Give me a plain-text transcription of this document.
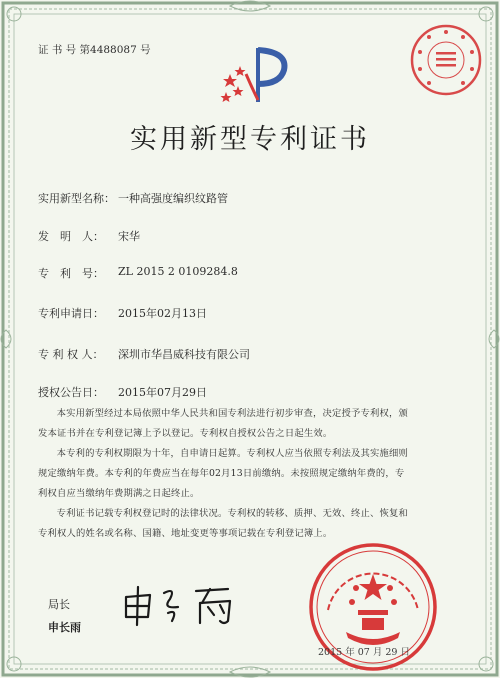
证 书 号 第4488087 号
实用新型专利证书
实用新型名称： 一种高强度编织纹路管
发　明　人： 宋华
专　利　号： ZL 2015 2 0109284.8
专利申请日： 2015年02月13日
专 利 权 人： 深圳市华昌威科技有限公司
授权公告日： 2015年07月29日
本实用新型经过本局依照中华人民共和国专利法进行初步审查，决定授予专利权，颁
发本证书并在专利登记簿上予以登记。专利权自授权公告之日起生效。
本专利的专利权期限为十年，自申请日起算。专利权人应当依照专利法及其实施细则
规定缴纳年费。本专利的年费应当在每年02月13日前缴纳。未按照规定缴纳年费的，专
利权自应当缴纳年费期满之日起终止。
专利证书记载专利权登记时的法律状况。专利权的转移、质押、无效、终止、恢复和
专利权人的姓名或名称、国籍、地址变更等事项记载在专利登记簿上。
局长
申长雨
2015 年 07 月 29 日
